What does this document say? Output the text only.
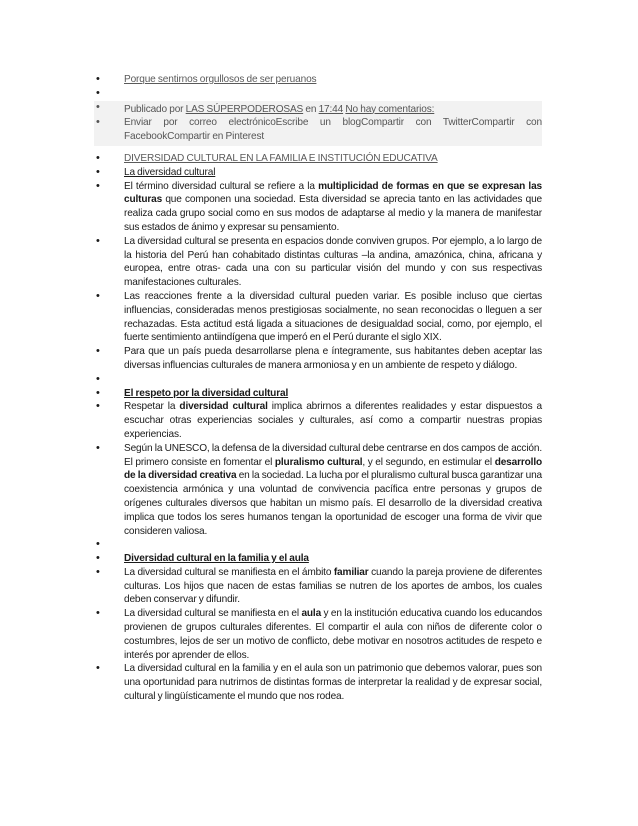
• Porque sentirnos orgullosos de ser peruanos
•
• Publicado por LAS SÚPERPODEROSAS en 17:44 No hay comentarios:
• Enviar por correo electrónicoEscribe un blogCompartir con TwitterCompartir con FacebookCompartir en Pinterest
• DIVERSIDAD CULTURAL EN LA FAMILIA E INSTITUCIÓN EDUCATIVA
• La diversidad cultural
• El término diversidad cultural se refiere a la multiplicidad de formas en que se expresan las culturas que componen una sociedad. Esta diversidad se aprecia tanto en las actividades que realiza cada grupo social como en sus modos de adaptarse al medio y la manera de manifestar sus estados de ánimo y expresar su pensamiento.
• La diversidad cultural se presenta en espacios donde conviven grupos. Por ejemplo, a lo largo de la historia del Perú han cohabitado distintas culturas –la andina, amazónica, china, africana y europea, entre otras- cada una con su particular visión del mundo y con sus respectivas manifestaciones culturales.
• Las reacciones frente a la diversidad cultural pueden variar. Es posible incluso que ciertas influencias, consideradas menos prestigiosas socialmente, no sean reconocidas o lleguen a ser rechazadas. Esta actitud está ligada a situaciones de desigualdad social, como, por ejemplo, el fuerte sentimiento antiindígena que imperó en el Perú durante el siglo XIX.
• Para que un país pueda desarrollarse plena e íntegramente, sus habitantes deben aceptar las diversas influencias culturales de manera armoniosa y en un ambiente de respeto y diálogo.
•
• El respeto por la diversidad cultural
• Respetar la diversidad cultural implica abrirnos a diferentes realidades y estar dispuestos a escuchar otras experiencias sociales y culturales, así como a compartir nuestras propias experiencias.
• Según la UNESCO, la defensa de la diversidad cultural debe centrarse en dos campos de acción. El primero consiste en fomentar el pluralismo cultural, y el segundo, en estimular el desarrollo de la diversidad creativa en la sociedad. La lucha por el pluralismo cultural busca garantizar una coexistencia armónica y una voluntad de convivencia pacífica entre personas y grupos de orígenes culturales diversos que habitan un mismo país. El desarrollo de la diversidad creativa implica que todos los seres humanos tengan la oportunidad de escoger una forma de vivir que consideren valiosa.
•
• Diversidad cultural en la familia y el aula
• La diversidad cultural se manifiesta en el ámbito familiar cuando la pareja proviene de diferentes culturas. Los hijos que nacen de estas familias se nutren de los aportes de ambos, los cuales deben conservar y difundir.
• La diversidad cultural se manifiesta en el aula y en la institución educativa cuando los educandos provienen de grupos culturales diferentes. El compartir el aula con niños de diferente color o costumbres, lejos de ser un motivo de conflicto, debe motivar en nosotros actitudes de respeto e interés por aprender de ellos.
• La diversidad cultural en la familia y en el aula son un patrimonio que debemos valorar, pues son una oportunidad para nutrirnos de distintas formas de interpretar la realidad y de expresar social, cultural y lingüísticamente el mundo que nos rodea.
